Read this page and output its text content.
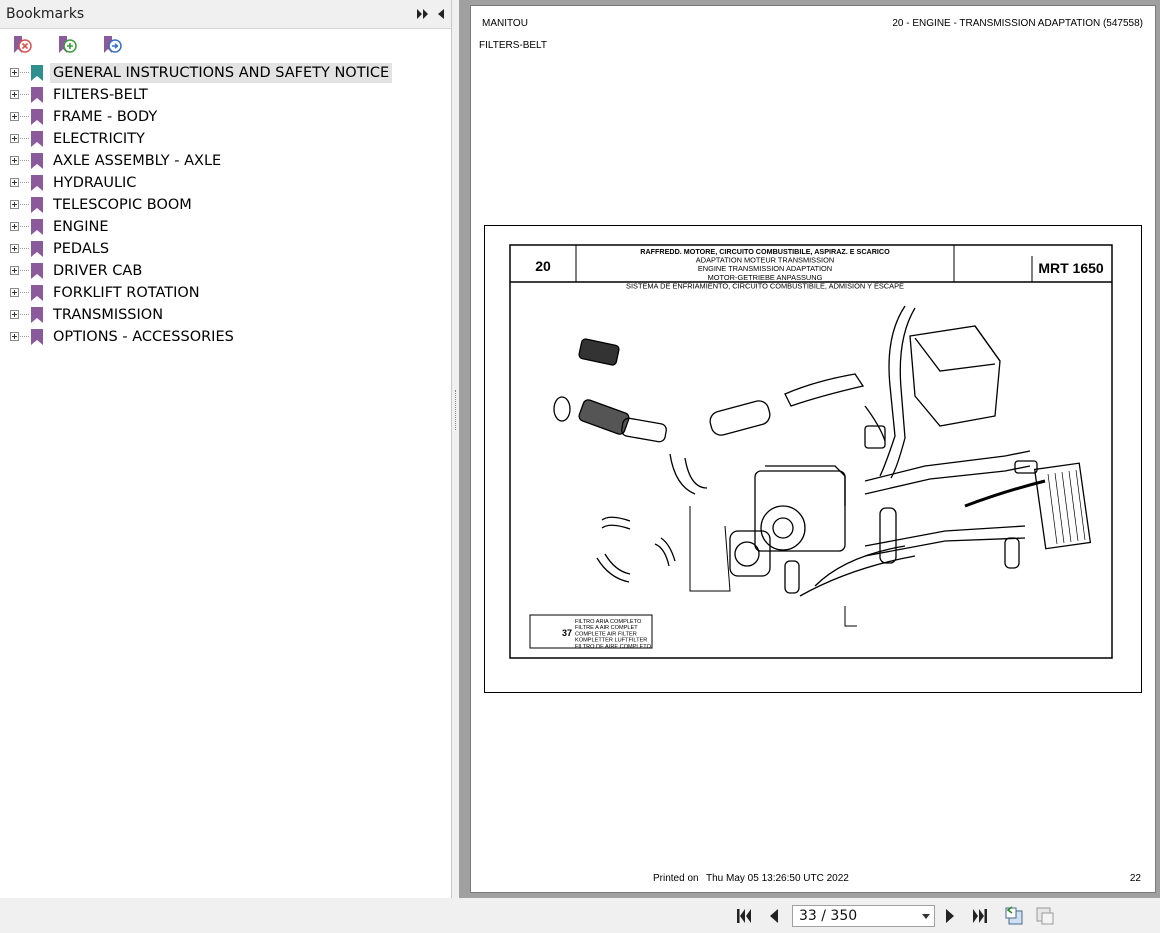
Bookmarks
GENERAL INSTRUCTIONS AND SAFETY NOTICE
FILTERS-BELT
FRAME - BODY
ELECTRICITY
AXLE ASSEMBLY - AXLE
HYDRAULIC
TELESCOPIC BOOM
ENGINE
PEDALS
DRIVER CAB
FORKLIFT ROTATION
TRANSMISSION
OPTIONS - ACCESSORIES
MANITOU	20 - ENGINE - TRANSMISSION ADAPTATION (547558)
FILTERS-BELT
20	MRT 1650
RAFFREDD. MOTORE, CIRCUITO COMBUSTIBILE, ASPIRAZ. E SCARICO
ADAPTATION MOTEUR TRANSMISSION
ENGINE TRANSMISSION ADAPTATION
MOTOR-GETRIEBE ANPASSUNG
SISTEMA DE ENFRIAMIENTO, CIRCUITO COMBUSTIBILE, ADMISION Y ESCAPE
37
FILTRO ARIA COMPLETO
FILTRE A AIR COMPLET
COMPLETE AIR FILTER
KOMPLETTER LUFTFILTER
FILTRO DE AIRE COMPLETO
Printed on Thu May 05 13:26:50 UTC 2022	22
33 / 350
